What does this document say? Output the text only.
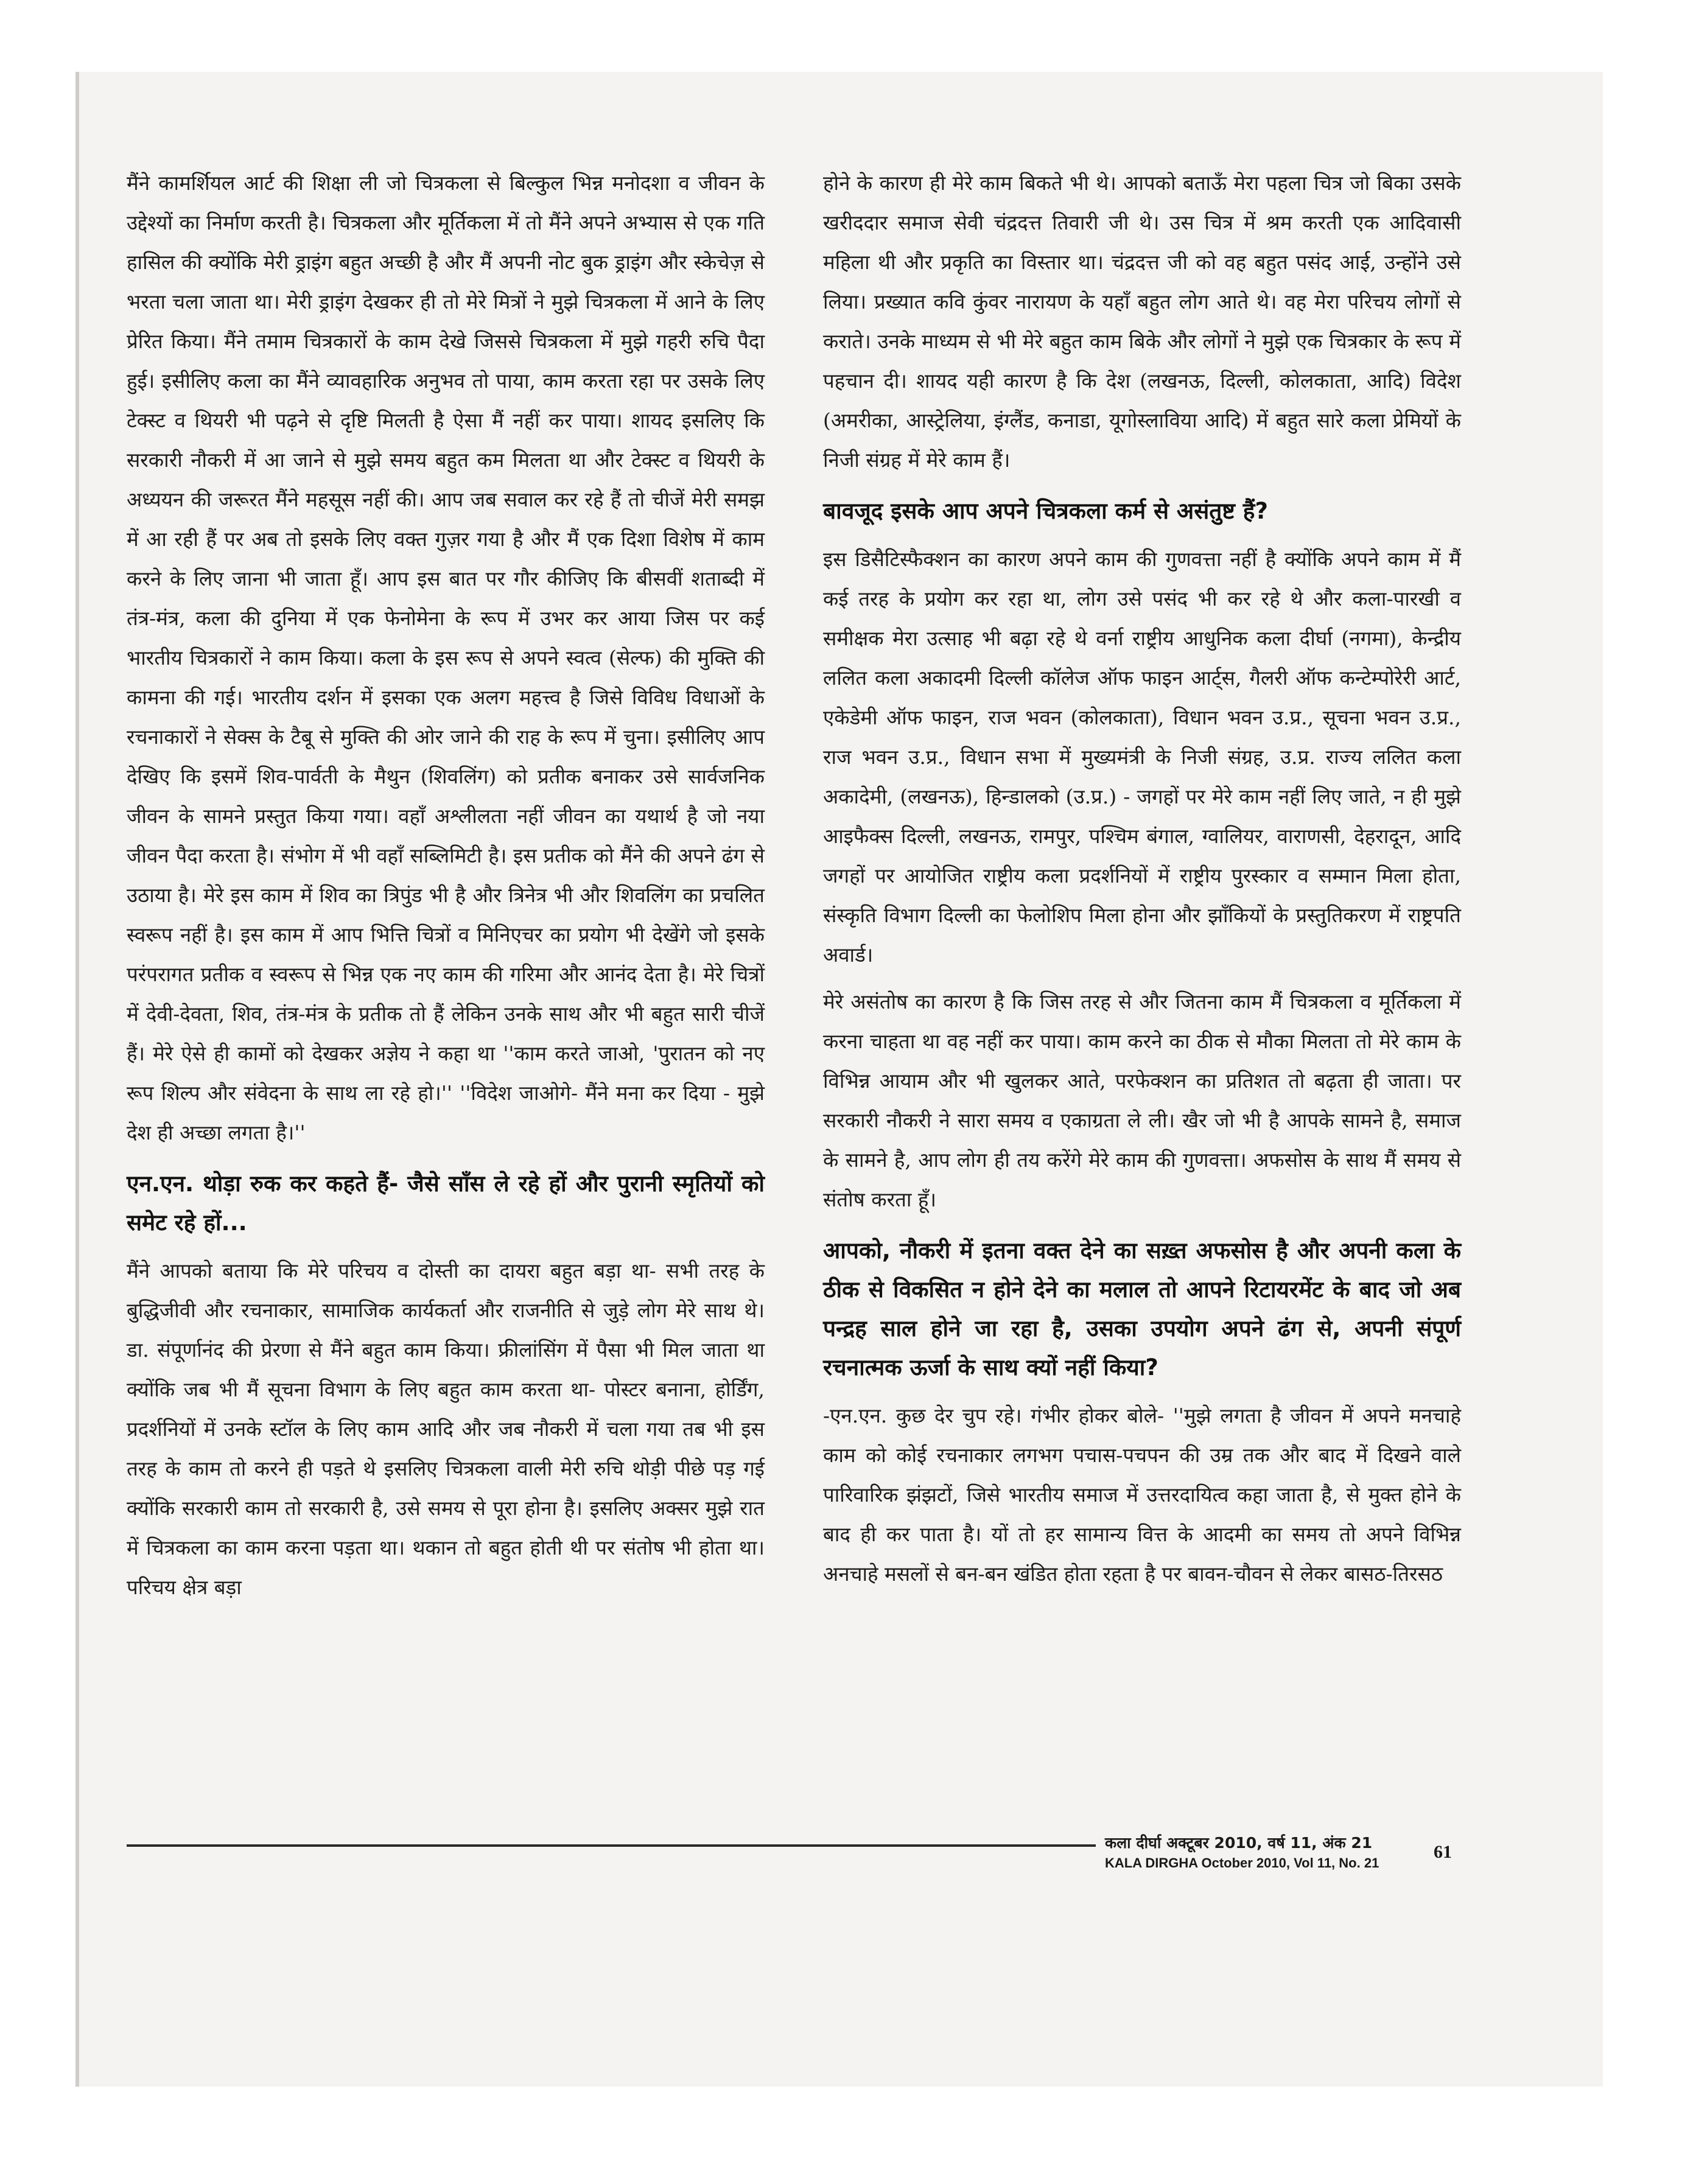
मैंने कामर्शियल आर्ट की शिक्षा ली जो चित्रकला से बिल्कुल भिन्न मनोदशा व जीवन के उद्देश्यों का निर्माण करती है। चित्रकला और मूर्तिकला में तो मैंने अपने अभ्यास से एक गति हासिल की क्योंकि मेरी ड्राइंग बहुत अच्छी है और मैं अपनी नोट बुक ड्राइंग और स्केचेज़ से भरता चला जाता था। मेरी ड्राइंग देखकर ही तो मेरे मित्रों ने मुझे चित्रकला में आने के लिए प्रेरित किया। मैंने तमाम चित्रकारों के काम देखे जिससे चित्रकला में मुझे गहरी रुचि पैदा हुई। इसीलिए कला का मैंने व्यावहारिक अनुभव तो पाया, काम करता रहा पर उसके लिए टेक्स्ट व थियरी भी पढ़ने से दृष्टि मिलती है ऐसा मैं नहीं कर पाया। शायद इसलिए कि सरकारी नौकरी में आ जाने से मुझे समय बहुत कम मिलता था और टेक्स्ट व थियरी के अध्ययन की जरूरत मैंने महसूस नहीं की। आप जब सवाल कर रहे हैं तो चीजें मेरी समझ में आ रही हैं पर अब तो इसके लिए वक्त गुज़र गया है और मैं एक दिशा विशेष में काम करने के लिए जाना भी जाता हूँ। आप इस बात पर गौर कीजिए कि बीसवीं शताब्दी में तंत्र-मंत्र, कला की दुनिया में एक फेनोमेना के रूप में उभर कर आया जिस पर कई भारतीय चित्रकारों ने काम किया। कला के इस रूप से अपने स्वत्व (सेल्फ) की मुक्ति की कामना की गई। भारतीय दर्शन में इसका एक अलग महत्त्व है जिसे विविध विधाओं के रचनाकारों ने सेक्स के टैबू से मुक्ति की ओर जाने की राह के रूप में चुना। इसीलिए आप देखिए कि इसमें शिव-पार्वती के मैथुन (शिवलिंग) को प्रतीक बनाकर उसे सार्वजनिक जीवन के सामने प्रस्तुत किया गया। वहाँ अश्लीलता नहीं जीवन का यथार्थ है जो नया जीवन पैदा करता है। संभोग में भी वहाँ सब्लिमिटी है। इस प्रतीक को मैंने की अपने ढंग से उठाया है। मेरे इस काम में शिव का त्रिपुंड भी है और त्रिनेत्र भी और शिवलिंग का प्रचलित स्वरूप नहीं है। इस काम में आप भित्ति चित्रों व मिनिएचर का प्रयोग भी देखेंगे जो इसके परंपरागत प्रतीक व स्वरूप से भिन्न एक नए काम की गरिमा और आनंद देता है। मेरे चित्रों में देवी-देवता, शिव, तंत्र-मंत्र के प्रतीक तो हैं लेकिन उनके साथ और भी बहुत सारी चीजें हैं। मेरे ऐसे ही कामों को देखकर अज्ञेय ने कहा था ''काम करते जाओ, 'पुरातन को नए रूप शिल्प और संवेदना के साथ ला रहे हो।'' ''विदेश जाओगे- मैंने मना कर दिया - मुझे देश ही अच्छा लगता है।''

एन.एन. थोड़ा रुक कर कहते हैं- जैसे साँस ले रहे हों और पुरानी स्मृतियों को समेट रहे हों...

मैंने आपको बताया कि मेरे परिचय व दोस्ती का दायरा बहुत बड़ा था- सभी तरह के बुद्धिजीवी और रचनाकार, सामाजिक कार्यकर्ता और राजनीति से जुड़े लोग मेरे साथ थे। डा. संपूर्णानंद की प्रेरणा से मैंने बहुत काम किया। फ्रीलांसिंग में पैसा भी मिल जाता था क्योंकि जब भी मैं सूचना विभाग के लिए बहुत काम करता था- पोस्टर बनाना, होर्डिंग, प्रदर्शनियों में उनके स्टॉल के लिए काम आदि और जब नौकरी में चला गया तब भी इस तरह के काम तो करने ही पड़ते थे इसलिए चित्रकला वाली मेरी रुचि थोड़ी पीछे पड़ गई क्योंकि सरकारी काम तो सरकारी है, उसे समय से पूरा होना है। इसलिए अक्सर मुझे रात में चित्रकला का काम करना पड़ता था। थकान तो बहुत होती थी पर संतोष भी होता था। परिचय क्षेत्र बड़ा

होने के कारण ही मेरे काम बिकते भी थे। आपको बताऊँ मेरा पहला चित्र जो बिका उसके खरीददार समाज सेवी चंद्रदत्त तिवारी जी थे। उस चित्र में श्रम करती एक आदिवासी महिला थी और प्रकृति का विस्तार था। चंद्रदत्त जी को वह बहुत पसंद आई, उन्होंने उसे लिया। प्रख्यात कवि कुंवर नारायण के यहाँ बहुत लोग आते थे। वह मेरा परिचय लोगों से कराते। उनके माध्यम से भी मेरे बहुत काम बिके और लोगों ने मुझे एक चित्रकार के रूप में पहचान दी। शायद यही कारण है कि देश (लखनऊ, दिल्ली, कोलकाता, आदि) विदेश (अमरीका, आस्ट्रेलिया, इंग्लैंड, कनाडा, यूगोस्लाविया आदि) में बहुत सारे कला प्रेमियों के निजी संग्रह में मेरे काम हैं।

बावजूद इसके आप अपने चित्रकला कर्म से असंतुष्ट हैं?

इस डिसैटिस्फैक्शन का कारण अपने काम की गुणवत्ता नहीं है क्योंकि अपने काम में मैं कई तरह के प्रयोग कर रहा था, लोग उसे पसंद भी कर रहे थे और कला-पारखी व समीक्षक मेरा उत्साह भी बढ़ा रहे थे वर्ना राष्ट्रीय आधुनिक कला दीर्घा (नगमा), केन्द्रीय ललित कला अकादमी दिल्ली कॉलेज ऑफ फाइन आर्ट्स, गैलरी ऑफ कन्टेम्पोरेरी आर्ट, एकेडेमी ऑफ फाइन, राज भवन (कोलकाता), विधान भवन उ.प्र., सूचना भवन उ.प्र., राज भवन उ.प्र., विधान सभा में मुख्यमंत्री के निजी संग्रह, उ.प्र. राज्य ललित कला अकादेमी, (लखनऊ), हिन्डालको (उ.प्र.) - जगहों पर मेरे काम नहीं लिए जाते, न ही मुझे आइफैक्स दिल्ली, लखनऊ, रामपुर, पश्चिम बंगाल, ग्वालियर, वाराणसी, देहरादून, आदि जगहों पर आयोजित राष्ट्रीय कला प्रदर्शनियों में राष्ट्रीय पुरस्कार व सम्मान मिला होता, संस्कृति विभाग दिल्ली का फेलोशिप मिला होना और झाँकियों के प्रस्तुतिकरण में राष्ट्रपति अवार्ड।

मेरे असंतोष का कारण है कि जिस तरह से और जितना काम मैं चित्रकला व मूर्तिकला में करना चाहता था वह नहीं कर पाया। काम करने का ठीक से मौका मिलता तो मेरे काम के विभिन्न आयाम और भी खुलकर आते, परफेक्शन का प्रतिशत तो बढ़ता ही जाता। पर सरकारी नौकरी ने सारा समय व एकाग्रता ले ली। खैर जो भी है आपके सामने है, समाज के सामने है, आप लोग ही तय करेंगे मेरे काम की गुणवत्ता। अफसोस के साथ मैं समय से संतोष करता हूँ।

आपको, नौकरी में इतना वक्त देने का सख़्त अफसोस है और अपनी कला के ठीक से विकसित न होने देने का मलाल तो आपने रिटायरमेंट के बाद जो अब पन्द्रह साल होने जा रहा है, उसका उपयोग अपने ढंग से, अपनी संपूर्ण रचनात्मक ऊर्जा के साथ क्यों नहीं किया?

-एन.एन. कुछ देर चुप रहे। गंभीर होकर बोले- ''मुझे लगता है जीवन में अपने मनचाहे काम को कोई रचनाकार लगभग पचास-पचपन की उम्र तक और बाद में दिखने वाले पारिवारिक झंझटों, जिसे भारतीय समाज में उत्तरदायित्व कहा जाता है, से मुक्त होने के बाद ही कर पाता है। यों तो हर सामान्य वित्त के आदमी का समय तो अपने विभिन्न अनचाहे मसलों से बन-बन खंडित होता रहता है पर बावन-चौवन से लेकर बासठ-तिरसठ

कला दीर्घा अक्टूबर 2010, वर्ष 11, अंक 21
KALA DIRGHA October 2010, Vol 11, No. 21
61
